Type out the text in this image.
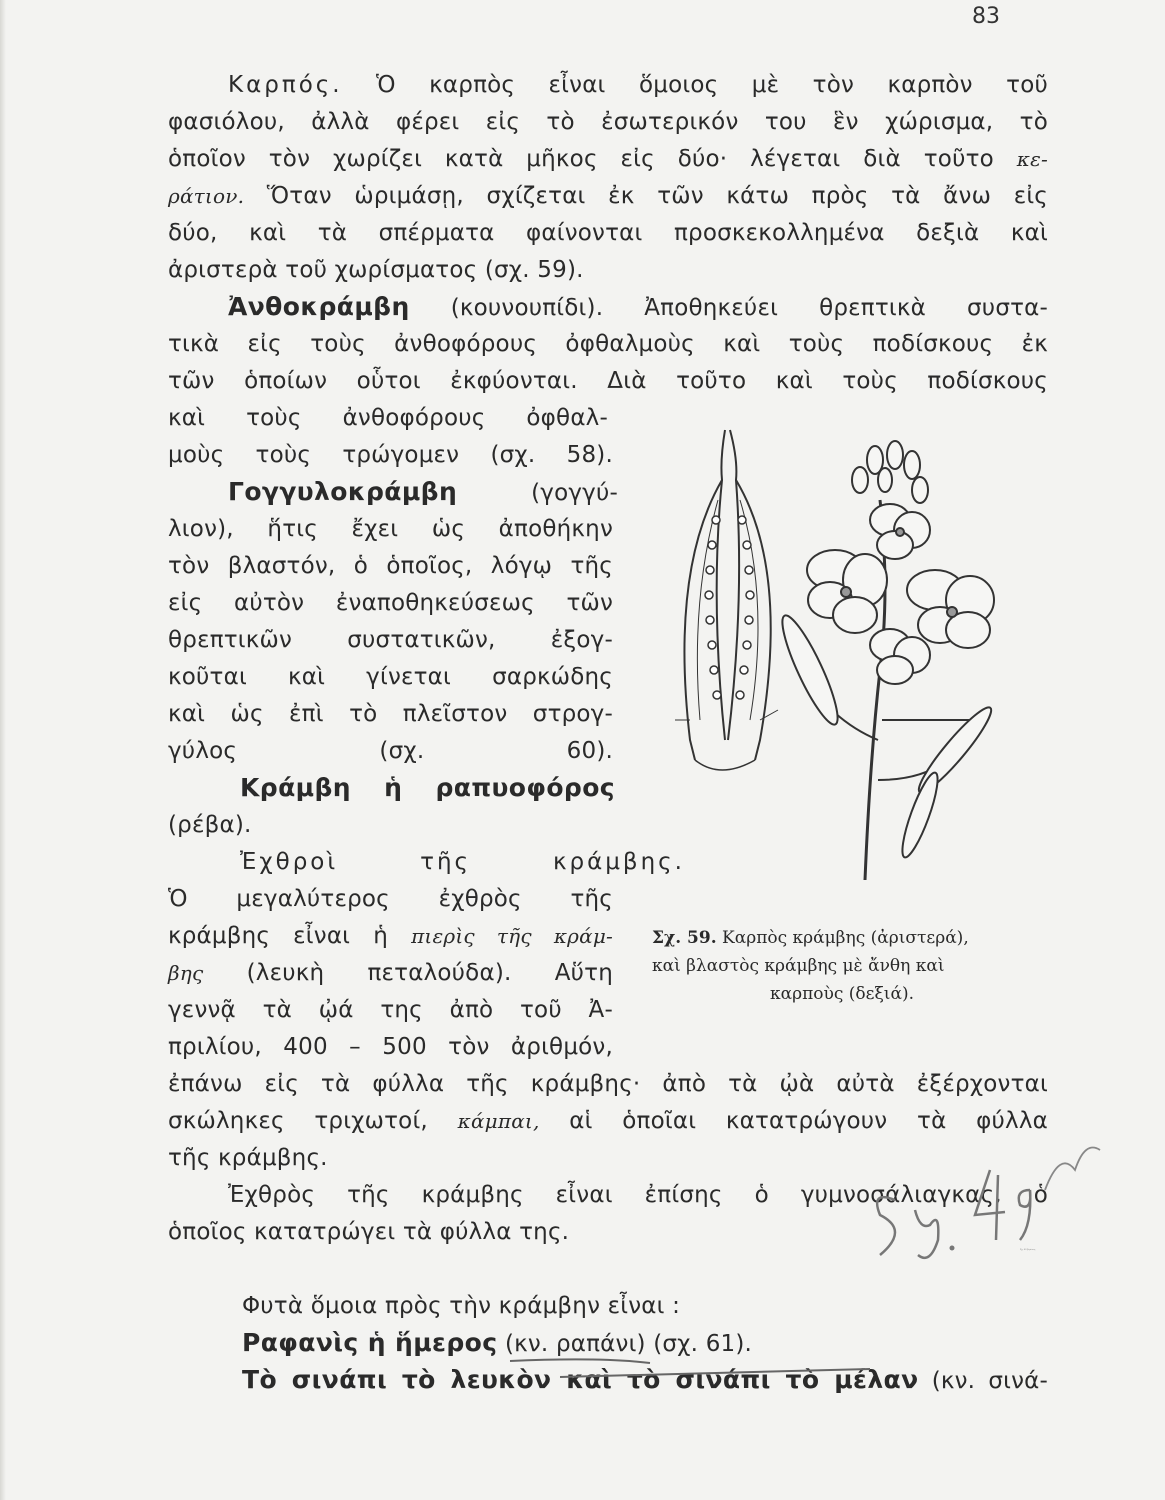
83
Καρπός. Ὁ καρπὸς εἶναι ὅμοιος μὲ τὸν καρπὸν τοῦ
φασιόλου, ἀλλὰ φέρει εἰς τὸ ἐσωτερικόν του ἓν χώρισμα, τὸ
ὁποῖον τὸν χωρίζει κατὰ μῆκος εἰς δύο· λέγεται διὰ τοῦτο κε-
ράτιον. Ὅταν ὡριμάσῃ, σχίζεται ἐκ τῶν κάτω πρὸς τὰ ἄνω εἰς
δύο, καὶ τὰ σπέρματα φαίνονται προσκεκολλημένα δεξιὰ καὶ
ἀριστερὰ τοῦ χωρίσματος (σχ. 59).
Ἀνθοκράμβη (κουνουπίδι). Ἀποθηκεύει θρεπτικὰ συστα-
τικὰ εἰς τοὺς ἀνθοφόρους ὀφθαλμοὺς καὶ τοὺς ποδίσκους ἐκ
τῶν ὁποίων οὗτοι ἐκφύονται. Διὰ τοῦτο καὶ τοὺς ποδίσκους
καὶ τοὺς ἀνθοφόρους ὀφθαλ-
μοὺς τοὺς τρώγομεν (σχ. 58).
Γογγυλοκράμβη	(γογγύ-
λιον), ἥτις ἔχει ὡς ἀποθήκην
τὸν βλαστόν, ὁ ὁποῖος, λόγῳ τῆς
εἰς αὐτὸν ἐναποθηκεύσεως τῶν
θρεπτικῶν συστατικῶν, ἐξογ-
κοῦται καὶ γίνεται σαρκώδης
καὶ ὡς ἐπὶ τὸ πλεῖστον στρογ-
γύλος (σχ. 60).
Κράμβη ἡ ραπυοφόρος
(ρέβα).
Ἐχθροὶ τῆς κράμβης.
Ὁ μεγαλύτερος ἐχθρὸς τῆς
κράμβης εἶναι ἡ πιερὶς τῆς κράμ-
βης (λευκὴ πεταλούδα). Αὕτη
γεννᾷ τὰ ᾠά της ἀπὸ τοῦ Ἀ-
πριλίου, 400 – 500 τὸν ἀριθμόν,
ἐπάνω εἰς τὰ φύλλα τῆς κράμβης· ἀπὸ τὰ ᾠὰ αὐτὰ ἐξέρχονται
σκώληκες τριχωτοί, κάμπαι, αἱ ὁποῖαι κατατρώγουν τὰ φύλλα
τῆς κράμβης.
Ἐχθρὸς τῆς κράμβης εἶναι ἐπίσης ὁ γυμνοσάλιαγκας, ὁ
ὁποῖος κατατρώγει τὰ φύλλα της.
Φυτὰ ὅμοια πρὸς τὴν κράμβην εἶναι :
Ραφανὶς ἡ ἥμερος (κν. ραπάνι) (σχ. 61).
Τὸ σινάπι τὸ λευκὸν καὶ τὸ σινάπι τὸ μέλαν (κν. σινά-
Σχ. 59. Καρπὸς κράμβης (ἀριστερά),
καὶ βλαστὸς κράμβης μὲ ἄνθη καὶ
καρποὺς (δεξιά).
Σχ. 49 ξερίνιες
